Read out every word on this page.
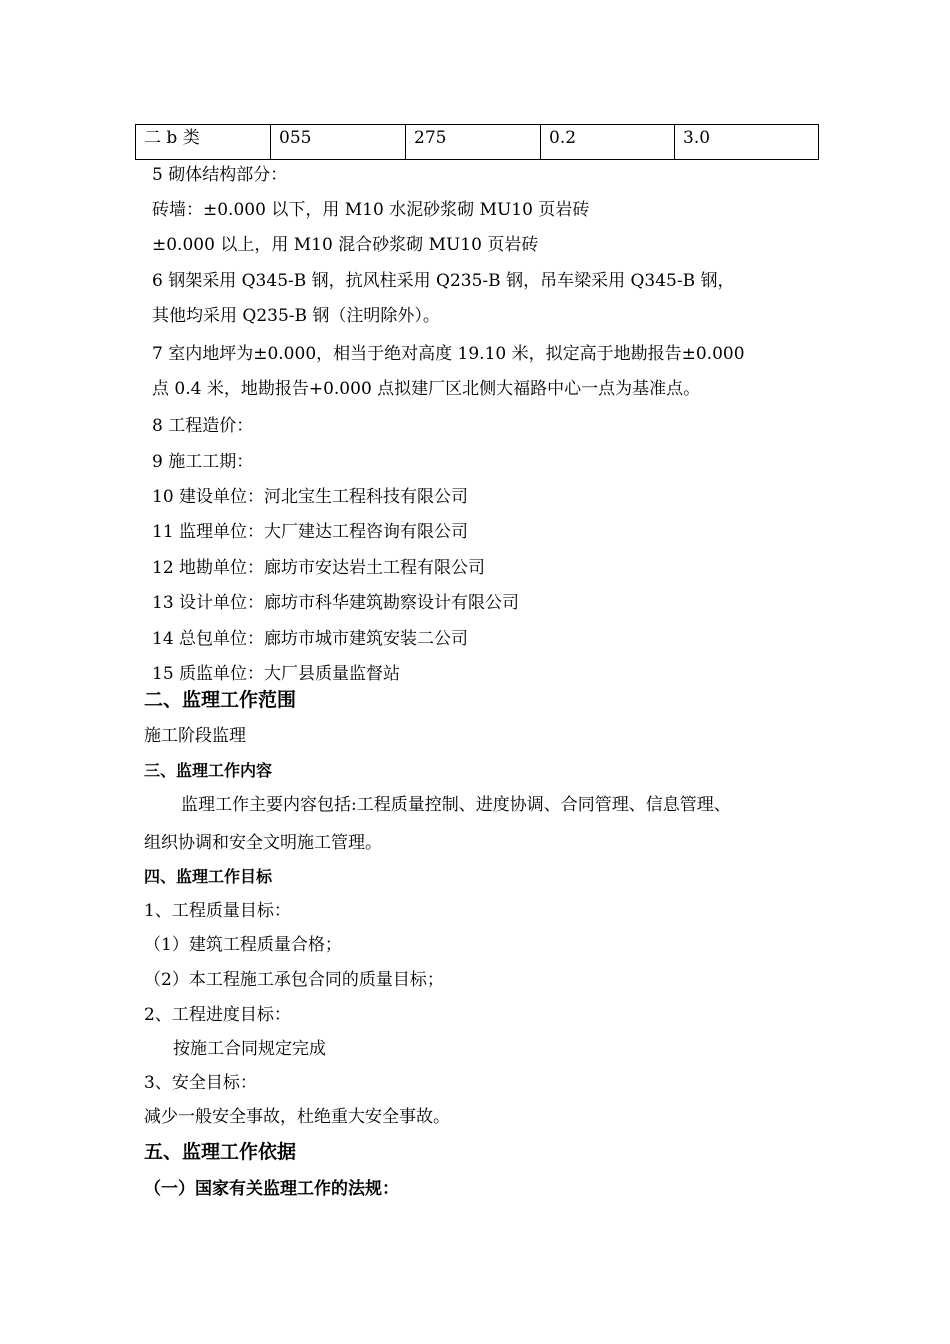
二 b 类	055	275	0.2	3.0
5 砌体结构部分：
砖墙：±0.000 以下，用 M10 水泥砂浆砌 MU10 页岩砖
±0.000 以上，用 M10 混合砂浆砌 MU10 页岩砖
6 钢架采用 Q345-B 钢，抗风柱采用 Q235-B 钢，吊车梁采用 Q345-B 钢，
其他均采用 Q235-B 钢（注明除外）。
7 室内地坪为±0.000，相当于绝对高度 19.10 米，拟定高于地勘报告±0.000
点 0.4 米，地勘报告+0.000 点拟建厂区北侧大福路中心一点为基准点。
8 工程造价：
9 施工工期：
10 建设单位：河北宝生工程科技有限公司
11 监理单位：大厂建达工程咨询有限公司
12 地勘单位：廊坊市安达岩土工程有限公司
13 设计单位：廊坊市科华建筑勘察设计有限公司
14 总包单位：廊坊市城市建筑安装二公司
15 质监单位：大厂县质量监督站
二、监理工作范围
施工阶段监理
三、监理工作内容
监理工作主要内容包括:工程质量控制、进度协调、合同管理、信息管理、
组织协调和安全文明施工管理。
四、监理工作目标
1、工程质量目标：
（1）建筑工程质量合格；
（2）本工程施工承包合同的质量目标；
2、工程进度目标：
按施工合同规定完成
3、安全目标：
减少一般安全事故，杜绝重大安全事故。
五、监理工作依据
（一）国家有关监理工作的法规：
